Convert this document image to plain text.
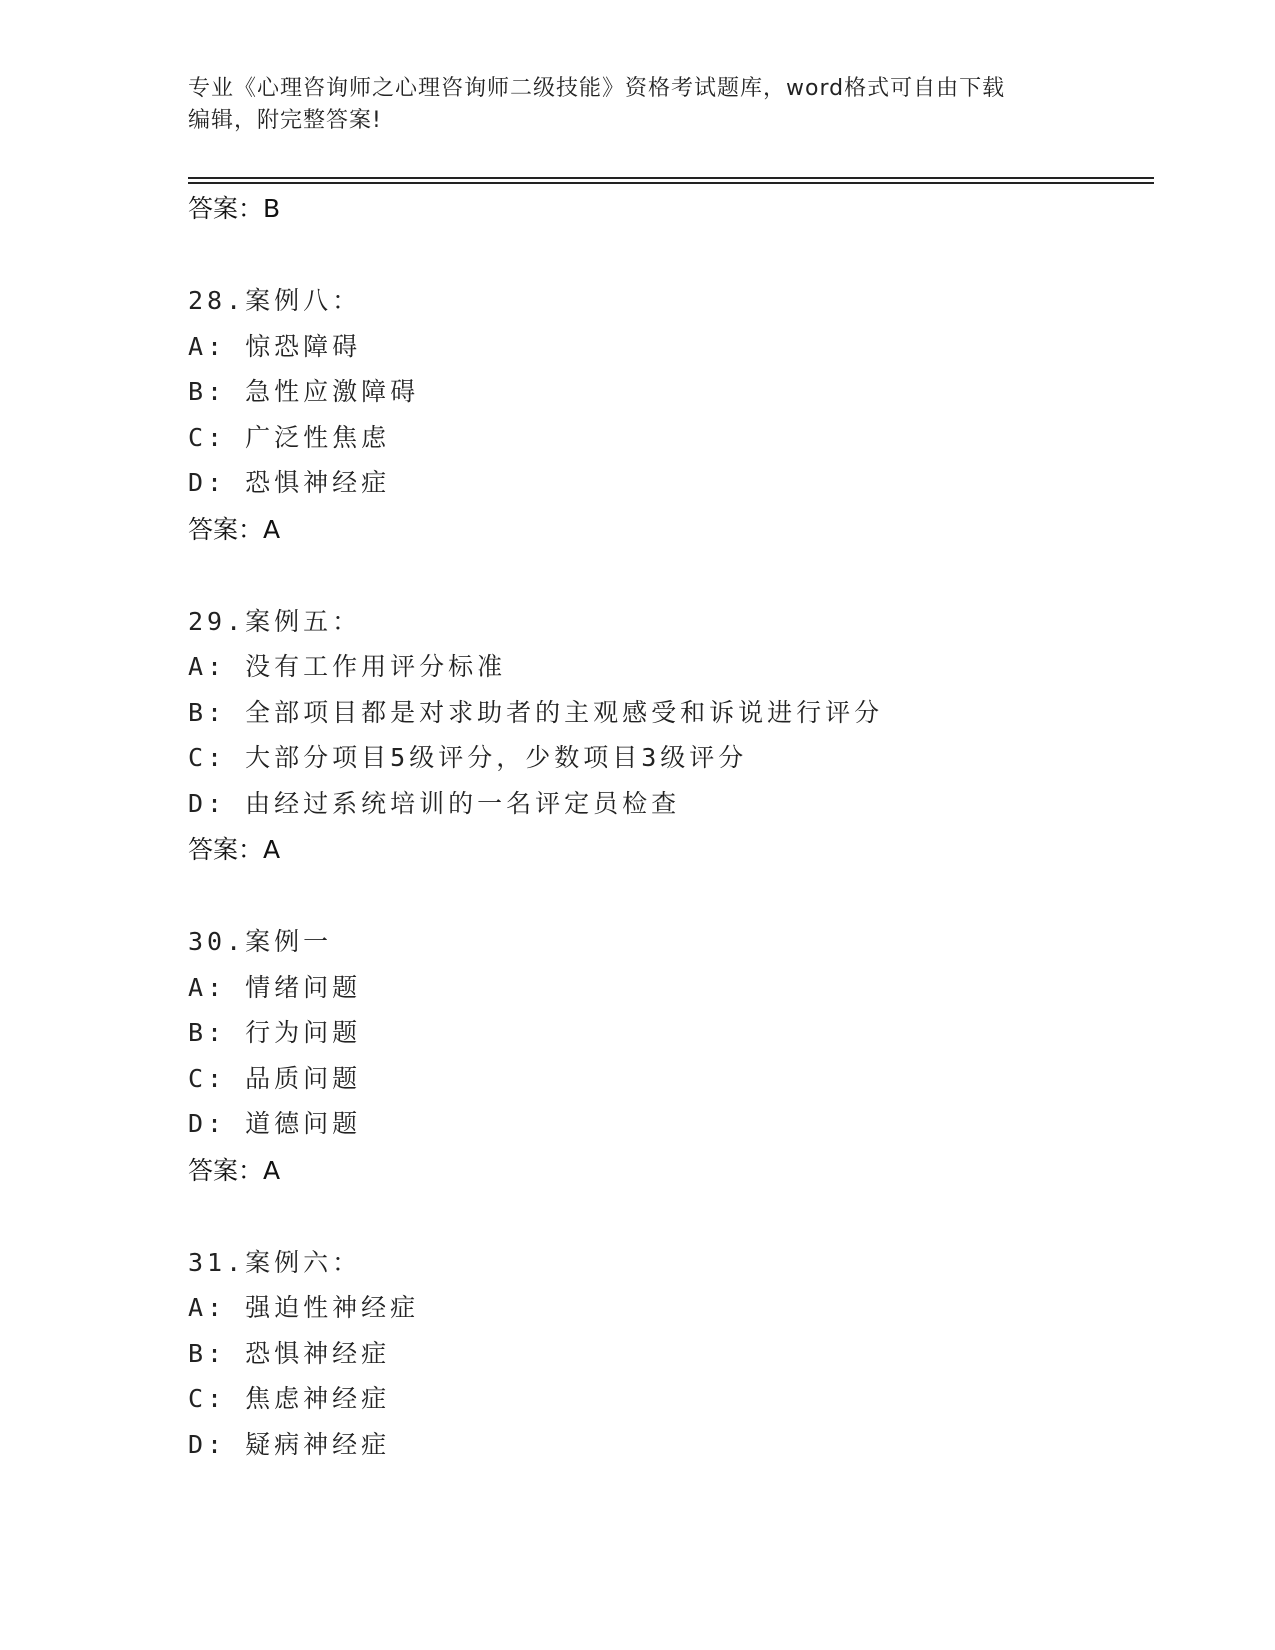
专业《心理咨询师之心理咨询师二级技能》资格考试题库，word格式可自由下载
编辑，附完整答案!
答案：B
28.案例八：
A: 惊恐障碍
B: 急性应激障碍
C: 广泛性焦虑
D: 恐惧神经症
答案：A
29.案例五：
A: 没有工作用评分标准
B: 全部项目都是对求助者的主观感受和诉说进行评分
C: 大部分项目5级评分，少数项目3级评分
D: 由经过系统培训的一名评定员检查
答案：A
30.案例一
A: 情绪问题
B: 行为问题
C: 品质问题
D: 道德问题
答案：A
31.案例六：
A: 强迫性神经症
B: 恐惧神经症
C: 焦虑神经症
D: 疑病神经症
